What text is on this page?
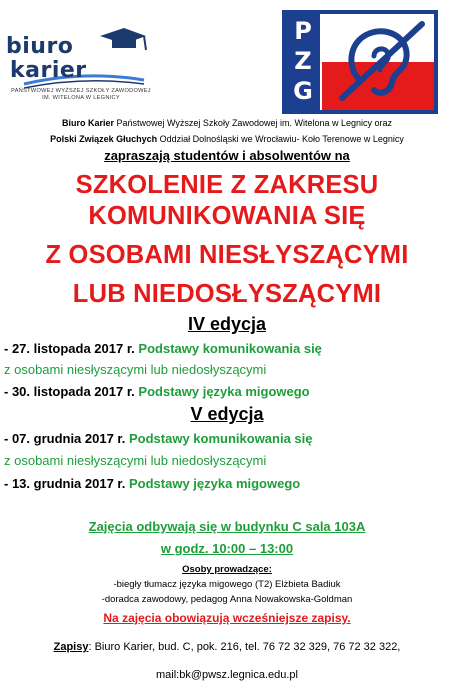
biuro
karier
PAŃSTWOWEJ WYŻSZEJ SZKOŁY ZAWODOWEJ
IM. WITELONA W LEGNICY
P
Z
G
Biuro Karier Państwowej Wyższej Szkoły Zawodowej im. Witelona w Legnicy oraz
Polski Związek Głuchych Oddział Dolnośląski we Wrocławiu- Koło Terenowe w Legnicy
zapraszają studentów i absolwentów na
SZKOLENIE Z ZAKRESU
KOMUNIKOWANIA SIĘ
Z OSOBAMI NIESŁYSZĄCYMI
LUB NIEDOSŁYSZĄCYMI
IV edycja
- 27. listopada 2017 r. Podstawy komunikowania się
z osobami niesłyszącymi lub niedosłyszącymi
- 30. listopada 2017 r. Podstawy języka migowego
V edycja
- 07. grudnia 2017 r. Podstawy komunikowania się
z osobami niesłyszącymi lub niedosłyszącymi
- 13. grudnia 2017 r. Podstawy języka migowego
Zajęcia odbywają się w budynku C sala 103A
w godz. 10:00 – 13:00
Osoby prowadzące:
-biegły tłumacz języka migowego (T2) Elżbieta Badiuk
-doradca zawodowy, pedagog Anna Nowakowska-Goldman
Na zajęcia obowiązują wcześniejsze zapisy.
Zapisy: Biuro Karier, bud. C, pok. 216, tel. 76 72 32 329, 76 72 32 322,
mail:bk@pwsz.legnica.edu.pl
